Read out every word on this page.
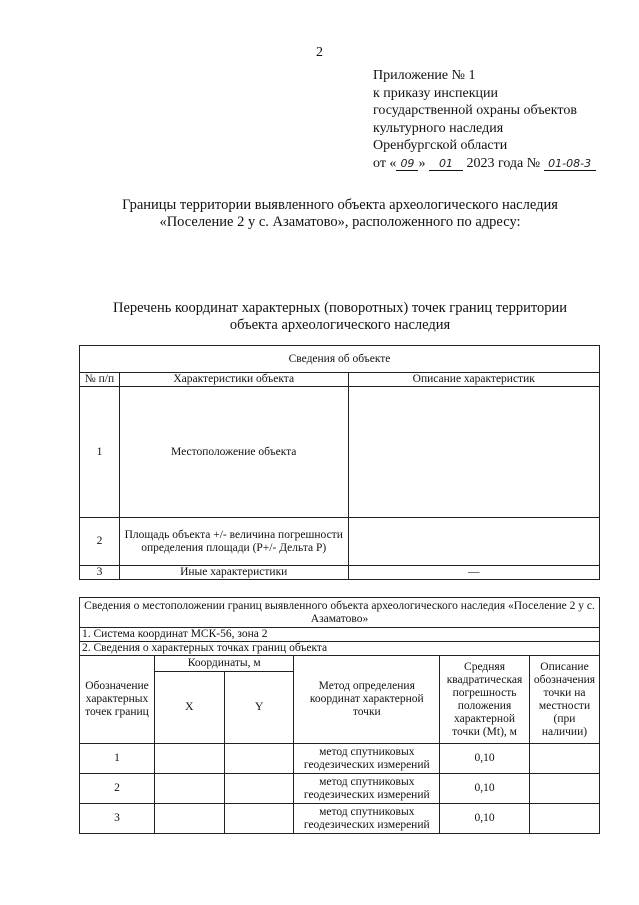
2
Приложение № 1
к приказу инспекции
государственной охраны объектов
культурного наследия
Оренбургской области
от « 09 » 01 2023 года № 01-08-3
Границы территории выявленного объекта археологического наследия
«Поселение 2 у с. Азаматово», расположенного по адресу:
Перечень координат характерных (поворотных) точек границ территории
объекта археологического наследия
Сведения об объекте		
№ п/п	Характеристики объекта	Описание характеристик
1	Местоположение объекта	
2	Площадь объекта +/- величина погрешности определения площади (Р+/- Дельта Р)	
3	Иные характеристики	—
Сведения о местоположении границ выявленного объекта археологического наследия «Поселение 2 у с. Азаматово»					
1. Система координат МСК-56, зона 2					
2. Сведения о характерных точках границ объекта					
Обозначение характерных точек границ	Координаты, м		Метод определения координат характерной точки	Средняя квадратическая погрешность положения характерной точки (Mt), м	Описание обозначения точки на местности (при наличии)
	X	Y			
1			метод спутниковых геодезических измерений	0,10	
2			метод спутниковых геодезических измерений	0,10	
3			метод спутниковых геодезических измерений	0,10	
